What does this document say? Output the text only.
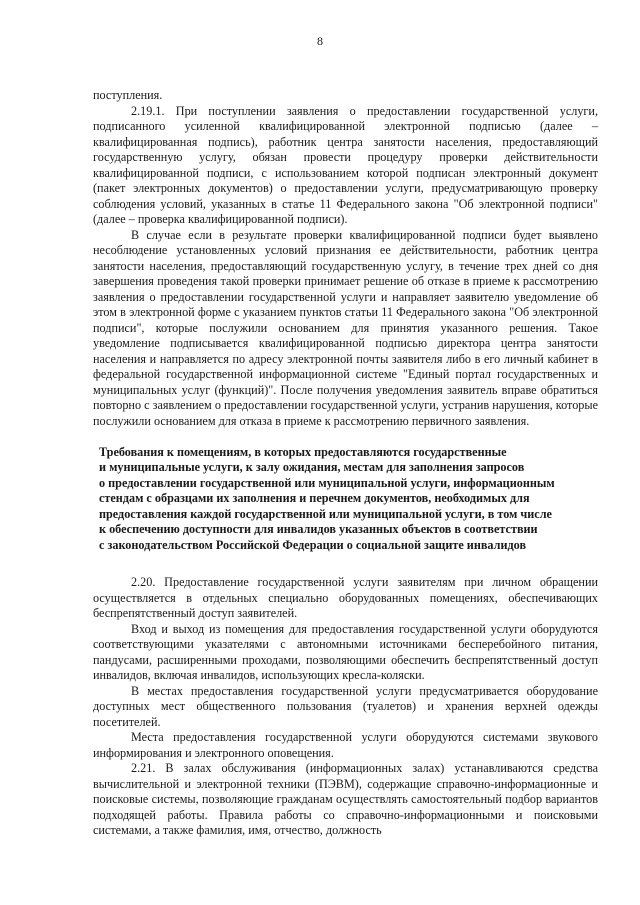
8

поступления.

2.19.1. При поступлении заявления о предоставлении государственной услуги, подписанного усиленной квалифицированной электронной подписью (далее – квалифицированная подпись), работник центра занятости населения, предоставляющий государственную услугу, обязан провести процедуру проверки действительности квалифицированной подписи, с использованием которой подписан электронный документ (пакет электронных документов) о предоставлении услуги, предусматривающую проверку соблюдения условий, указанных в статье 11 Федерального закона "Об электронной подписи" (далее – проверка квалифицированной подписи).

В случае если в результате проверки квалифицированной подписи будет выявлено несоблюдение установленных условий признания ее действительности, работник центра занятости населения, предоставляющий государственную услугу, в течение трех дней со дня завершения проведения такой проверки принимает решение об отказе в приеме к рассмотрению заявления о предоставлении государственной услуги и направляет заявителю уведомление об этом в электронной форме с указанием пунктов статьи 11 Федерального закона "Об электронной подписи", которые послужили основанием для принятия указанного решения. Такое уведомление подписывается квалифицированной подписью директора центра занятости населения и направляется по адресу электронной почты заявителя либо в его личный кабинет в федеральной государственной информационной системе "Единый портал государственных и муниципальных услуг (функций)". После получения уведомления заявитель вправе обратиться повторно с заявлением о предоставлении государственной услуги, устранив нарушения, которые послужили основанием для отказа в приеме к рассмотрению первичного заявления.

Требования к помещениям, в которых предоставляются государственные
и муниципальные услуги, к залу ожидания, местам для заполнения запросов
о предоставлении государственной или муниципальной услуги, информационным
стендам с образцами их заполнения и перечнем документов, необходимых для
предоставления каждой государственной или муниципальной услуги, в том числе
к обеспечению доступности для инвалидов указанных объектов в соответствии
с законодательством Российской Федерации о социальной защите инвалидов

2.20. Предоставление государственной услуги заявителям при личном обращении осуществляется в отдельных специально оборудованных помещениях, обеспечивающих беспрепятственный доступ заявителей.

Вход и выход из помещения для предоставления государственной услуги оборудуются соответствующими указателями с автономными источниками бесперебойного питания, пандусами, расширенными проходами, позволяющими обеспечить беспрепятственный доступ инвалидов, включая инвалидов, использующих кресла-коляски.

В местах предоставления государственной услуги предусматривается оборудование доступных мест общественного пользования (туалетов) и хранения верхней одежды посетителей.

Места предоставления государственной услуги оборудуются системами звукового информирования и электронного оповещения.

2.21. В залах обслуживания (информационных залах) устанавливаются средства вычислительной и электронной техники (ПЭВМ), содержащие справочно-информационные и поисковые системы, позволяющие гражданам осуществлять самостоятельный подбор вариантов подходящей работы. Правила работы со справочно-информационными и поисковыми системами, а также фамилия, имя, отчество, должность
